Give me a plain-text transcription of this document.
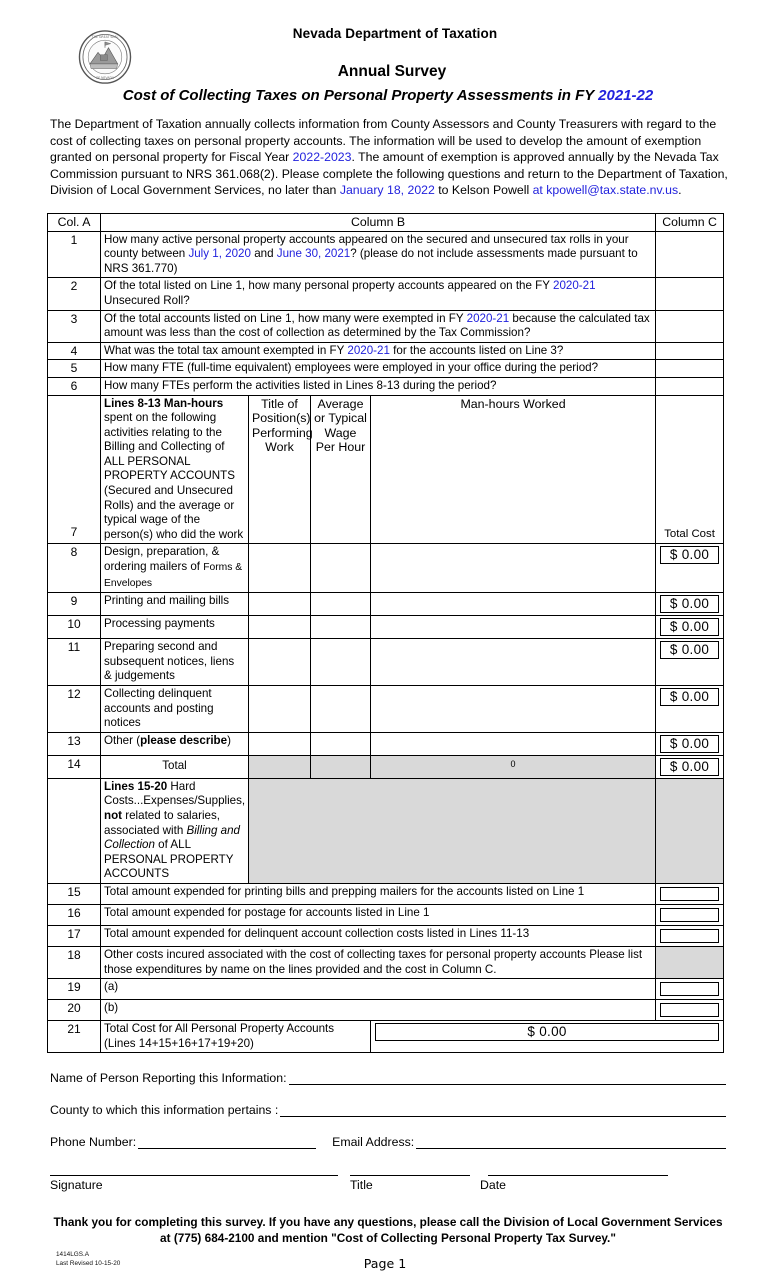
THE GREAT SEAL
OF NEVADA
Nevada Department of Taxation
Annual Survey
Cost of Collecting Taxes on Personal Property Assessments in FY 2021-22
The Department of Taxation annually collects information from County Assessors and County Treasurers with regard to the cost of collecting taxes on personal property accounts. The information will be used to develop the amount of exemption granted on personal property for Fiscal Year 2022-2023. The amount of exemption is approved annually by the Nevada Tax Commission pursuant to NRS 361.068(2). Please complete the following questions and return to the Department of Taxation, Division of Local Government Services, no later than January 18, 2022 to Kelson Powell at kpowell@tax.state.nv.us.
Col. A	Column B				Column C
1	How many active personal property accounts appeared on the secured and unsecured tax rolls in your county between July 1, 2020 and June 30, 2021? (please do not include assessments made pursuant to NRS 361.770)				
2	Of the total listed on Line 1, how many personal property accounts appeared on the FY 2020-21 Unsecured Roll?				
3	Of the total accounts listed on Line 1, how many were exempted in FY 2020-21 because the calculated tax amount was less than the cost of collection as determined by the Tax Commission?				
4	What was the total tax amount exempted in FY 2020-21 for the accounts listed on Line 3?				
5	How many FTE (full-time equivalent) employees were employed in your office during the period?				
6	How many FTEs perform the activities listed in Lines 8-13 during the period?				
7	Lines 8-13 Man-hours spent on the following activities relating to the Billing and Collecting of ALL PERSONAL PROPERTY ACCOUNTS (Secured and Unsecured Rolls) and the average or typical wage of the person(s) who did the work	Title of Position(s) Performing Work	Average or Typical Wage Per Hour	Man-hours Worked	Total Cost
8	Design, preparation, & ordering mailers of Forms & Envelopes				$ 0.00

9	Printing and mailing bills				$ 0.00

10	Processing payments				$ 0.00

11	Preparing second and subsequent notices, liens & judgements				$ 0.00

12	Collecting delinquent accounts and posting notices				$ 0.00

13	Other (please describe)				$ 0.00

14	Total			0	$ 0.00

	Lines 15-20 Hard Costs...Expenses/Supplies, not related to salaries, associated with Billing and Collection of ALL PERSONAL PROPERTY ACCOUNTS				
15	Total amount expended for printing bills and prepping mailers for the accounts listed on Line 1				

16	Total amount expended for postage for accounts listed in Line 1				

17	Total amount expended for delinquent account collection costs listed in Lines 11-13				

18	Other costs incured associated with the cost of collecting taxes for personal property accounts Please list those expenditures by name on the lines provided and the cost in Column C.				
19	(a)				

20	(b)				

21	Total Cost for All Personal Property Accounts (Lines 14+15+16+17+19+20)			$ 0.00	
Name of Person Reporting this Information:
County to which this information pertains :
Phone Number:	Email Address:
Signature	Title	Date
Thank you for completing this survey. If you have any questions, please call the Division of Local Government Services at (775) 684-2100 and mention "Cost of Collecting Personal Property Tax Survey."
1414LGS.A
Last Revised 10-15-20	Page 1
